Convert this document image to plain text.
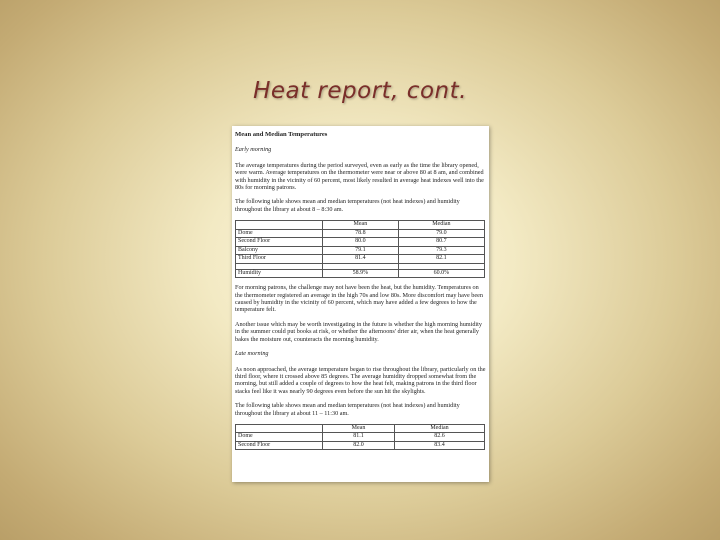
Heat report, cont.
Mean and Median Temperatures
Early morning
The average temperatures during the period surveyed, even as early as the time the library opened, were warm. Average temperatures on the thermometer were near or above 80 at 8 am, and combined with humidity in the vicinity of 60 percent, most likely resulted in average heat indexes well into the 80s for morning patrons.
The following table shows mean and median temperatures (not heat indexes) and humidity throughout the library at about 8 – 8:30 am.
	Mean	Median
Dome	78.8	79.0
Second Floor	80.0	80.7
Balcony	79.1	79.3
Third Floor	81.4	82.1

Humidity	58.9%	60.0%
For morning patrons, the challenge may not have been the heat, but the humidity. Temperatures on the thermometer registered an average in the high 70s and low 80s. More discomfort may have been caused by humidity in the vicinity of 60 percent, which may have added a few degrees to how the temperature felt.
Another issue which may be worth investigating in the future is whether the high morning humidity in the summer could put books at risk, or whether the afternoons' drier air, when the heat generally bakes the moisture out, counteracts the morning humidity.
Late morning
As noon approached, the average temperature began to rise throughout the library, particularly on the third floor, where it crossed above 85 degrees. The average humidity dropped somewhat from the morning, but still added a couple of degrees to how the heat felt, making patrons in the third floor stacks feel like it was nearly 90 degrees even before the sun hit the skylights.
The following table shows mean and median temperatures (not heat indexes) and humidity throughout the library at about 11 – 11:30 am.
	Mean	Median
Dome	81.1	82.6
Second Floor	82.0	83.4
